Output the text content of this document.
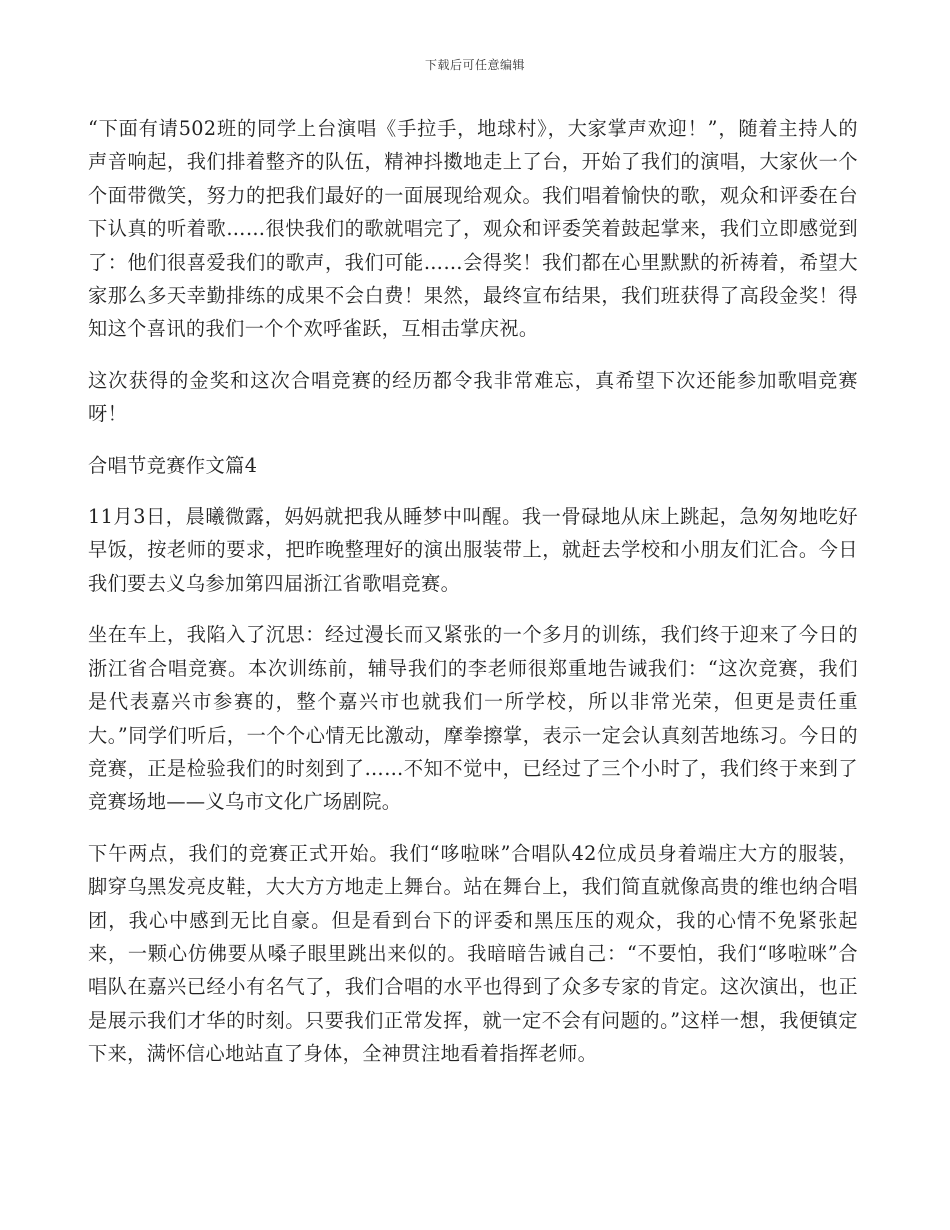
下载后可任意编辑

“下面有请502班的同学上台演唱《手拉手，地球村》，大家掌声欢迎！”，随着主持人的声音响起，我们排着整齐的队伍，精神抖擞地走上了台，开始了我们的演唱，大家伙一个个面带微笑，努力的把我们最好的一面展现给观众。我们唱着愉快的歌，观众和评委在台下认真的听着歌……很快我们的歌就唱完了，观众和评委笑着鼓起掌来，我们立即感觉到了：他们很喜爱我们的歌声，我们可能……会得奖！我们都在心里默默的祈祷着，希望大家那么多天幸勤排练的成果不会白费！果然，最终宣布结果，我们班获得了高段金奖！得知这个喜讯的我们一个个欢呼雀跃，互相击掌庆祝。

这次获得的金奖和这次合唱竞赛的经历都令我非常难忘，真希望下次还能参加歌唱竞赛呀！

合唱节竞赛作文篇4

11月3日，晨曦微露，妈妈就把我从睡梦中叫醒。我一骨碌地从床上跳起，急匆匆地吃好早饭，按老师的要求，把昨晚整理好的演出服装带上，就赶去学校和小朋友们汇合。今日我们要去义乌参加第四届浙江省歌唱竞赛。

坐在车上，我陷入了沉思：经过漫长而又紧张的一个多月的训练，我们终于迎来了今日的浙江省合唱竞赛。本次训练前，辅导我们的李老师很郑重地告诫我们：“这次竞赛，我们是代表嘉兴市参赛的，整个嘉兴市也就我们一所学校，所以非常光荣，但更是责任重大。”同学们听后，一个个心情无比激动，摩拳擦掌，表示一定会认真刻苦地练习。今日的竞赛，正是检验我们的时刻到了……不知不觉中，已经过了三个小时了，我们终于来到了竞赛场地——义乌市文化广场剧院。

下午两点，我们的竞赛正式开始。我们“哆啦咪”合唱队42位成员身着端庄大方的服装，脚穿乌黑发亮皮鞋，大大方方地走上舞台。站在舞台上，我们简直就像高贵的维也纳合唱团，我心中感到无比自豪。但是看到台下的评委和黑压压的观众，我的心情不免紧张起来，一颗心仿佛要从嗓子眼里跳出来似的。我暗暗告诫自己：“不要怕，我们“哆啦咪”合唱队在嘉兴已经小有名气了，我们合唱的水平也得到了众多专家的肯定。这次演出，也正是展示我们才华的时刻。只要我们正常发挥，就一定不会有问题的。”这样一想，我便镇定下来，满怀信心地站直了身体，全神贯注地看着指挥老师。
